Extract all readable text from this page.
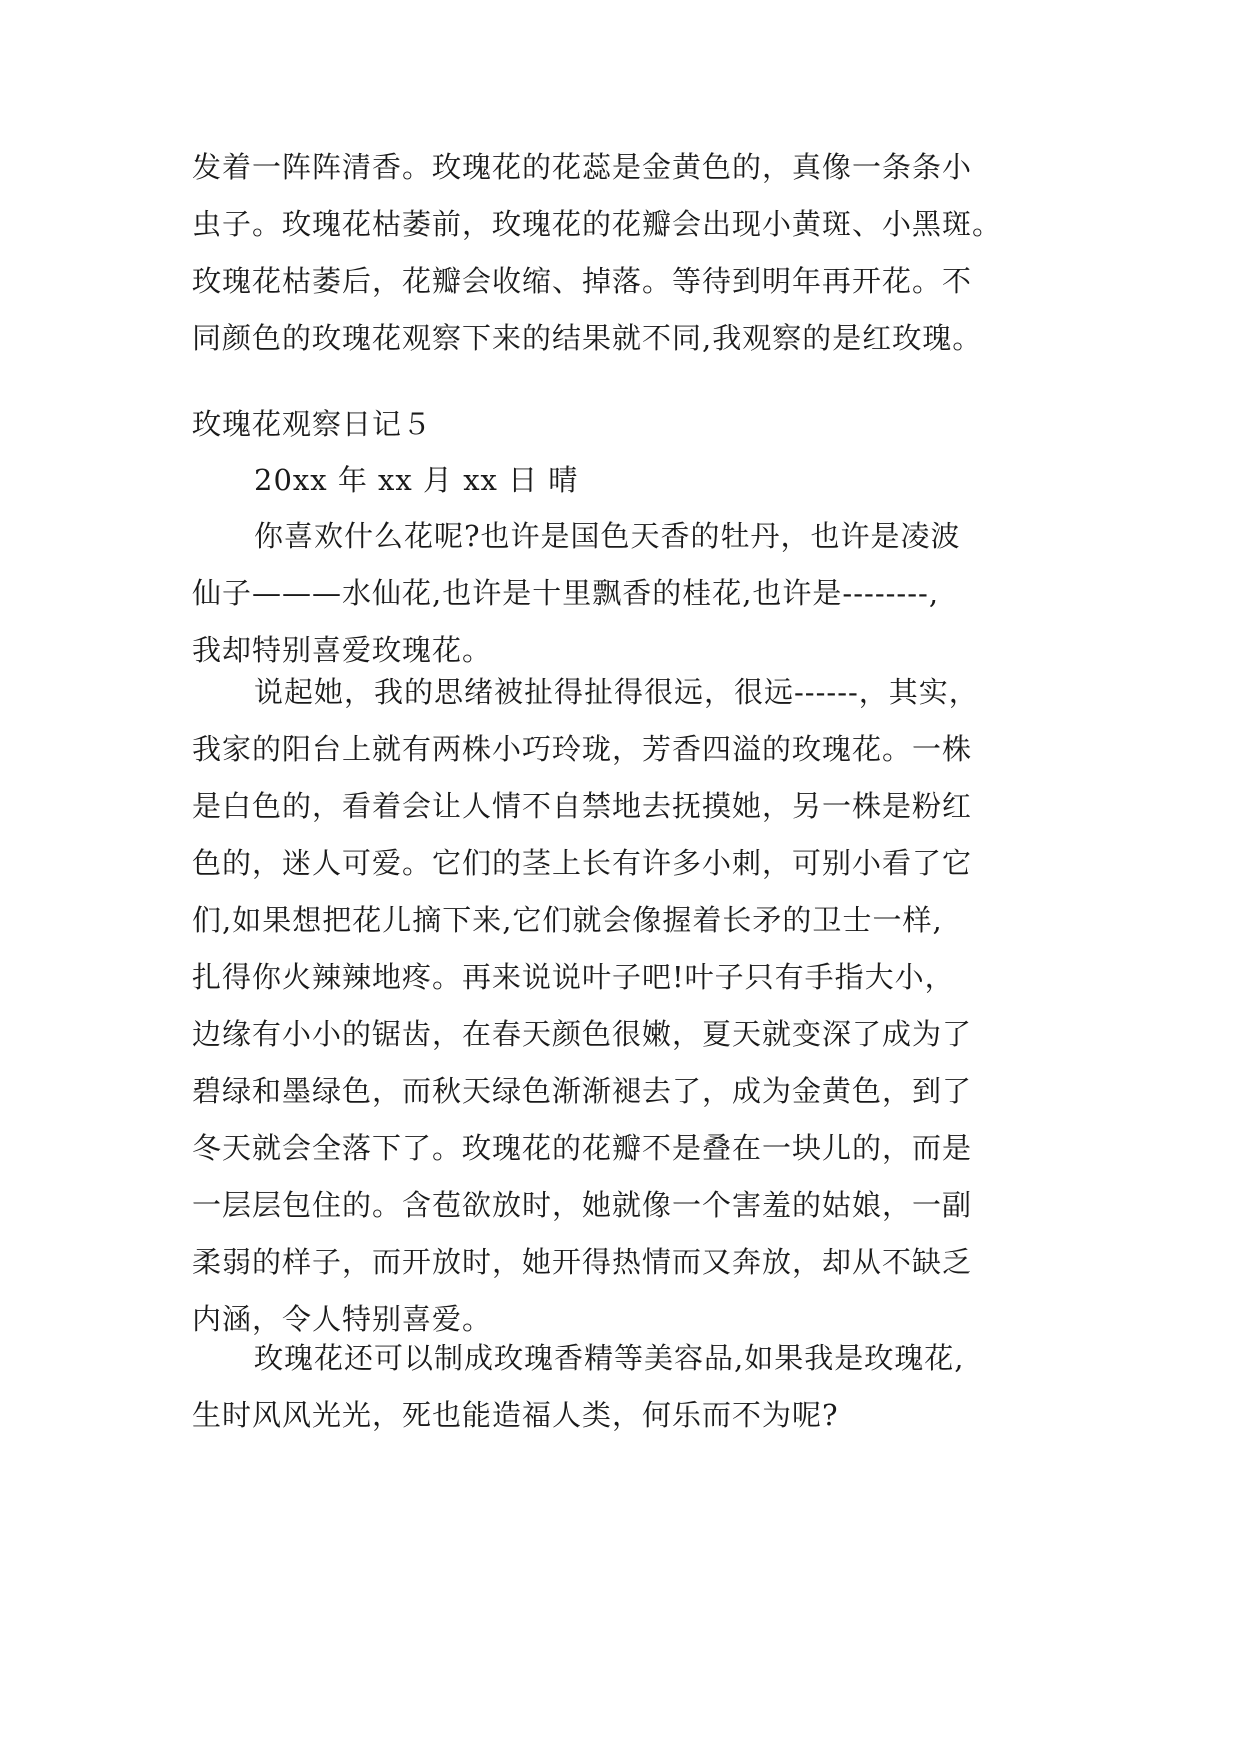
发着一阵阵清香。玫瑰花的花蕊是金黄色的，真像一条条小
虫子。玫瑰花枯萎前，玫瑰花的花瓣会出现小黄斑、小黑斑。
玫瑰花枯萎后，花瓣会收缩、掉落。等待到明年再开花。不
同颜色的玫瑰花观察下来的结果就不同,我观察的是红玫瑰。
玫瑰花观察日记５
20xx 年 xx 月 xx 日 晴
你喜欢什么花呢?也许是国色天香的牡丹，也许是凌波
仙子———水仙花,也许是十里飘香的桂花,也许是--------,
我却特别喜爱玫瑰花。
说起她，我的思绪被扯得扯得很远，很远------，其实，
我家的阳台上就有两株小巧玲珑，芳香四溢的玫瑰花。一株
是白色的，看着会让人情不自禁地去抚摸她，另一株是粉红
色的，迷人可爱。它们的茎上长有许多小刺，可别小看了它
们,如果想把花儿摘下来,它们就会像握着长矛的卫士一样,
扎得你火辣辣地疼。再来说说叶子吧!叶子只有手指大小，
边缘有小小的锯齿，在春天颜色很嫩，夏天就变深了成为了
碧绿和墨绿色，而秋天绿色渐渐褪去了，成为金黄色，到了
冬天就会全落下了。玫瑰花的花瓣不是叠在一块儿的，而是
一层层包住的。含苞欲放时，她就像一个害羞的姑娘，一副
柔弱的样子，而开放时，她开得热情而又奔放，却从不缺乏
内涵，令人特别喜爱。
玫瑰花还可以制成玫瑰香精等美容品,如果我是玫瑰花,
生时风风光光，死也能造福人类，何乐而不为呢?
